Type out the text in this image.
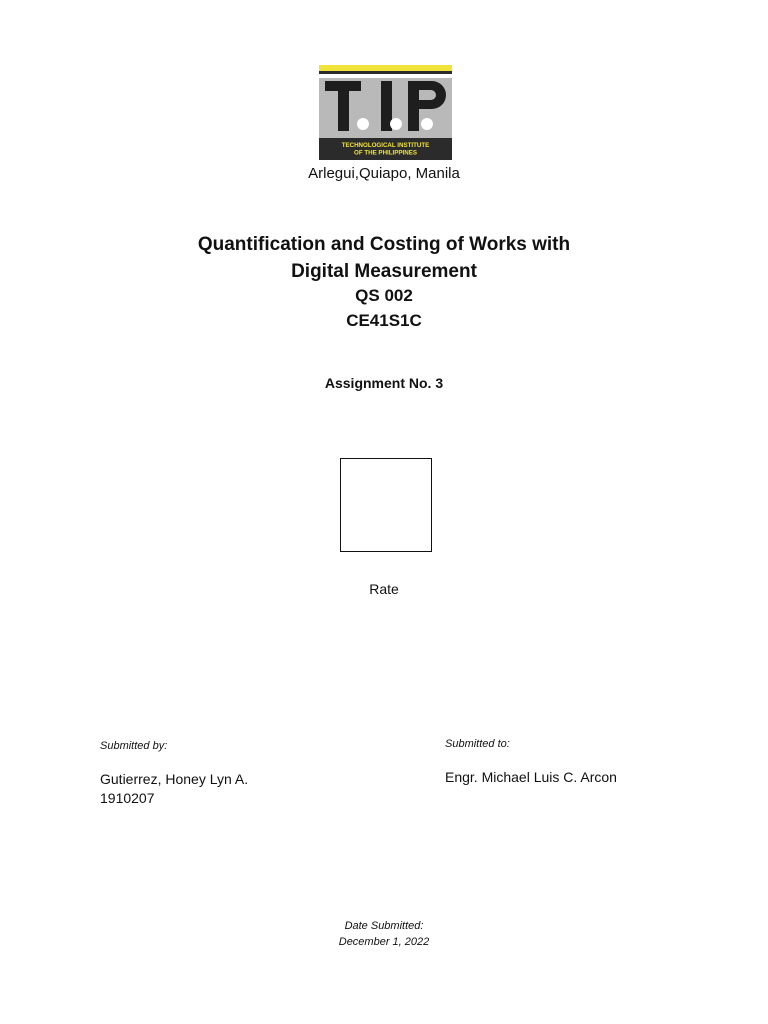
TECHNOLOGICAL INSTITUTE
OF THE PHILIPPINES
Arlegui,Quiapo, Manila
Quantification and Costing of Works with
Digital Measurement
QS 002
CE41S1C
Assignment No. 3
Rate
Submitted by:	Submitted to:
Gutierrez, Honey Lyn A.
1910207
Engr. Michael Luis C. Arcon
Date Submitted:
December 1, 2022
